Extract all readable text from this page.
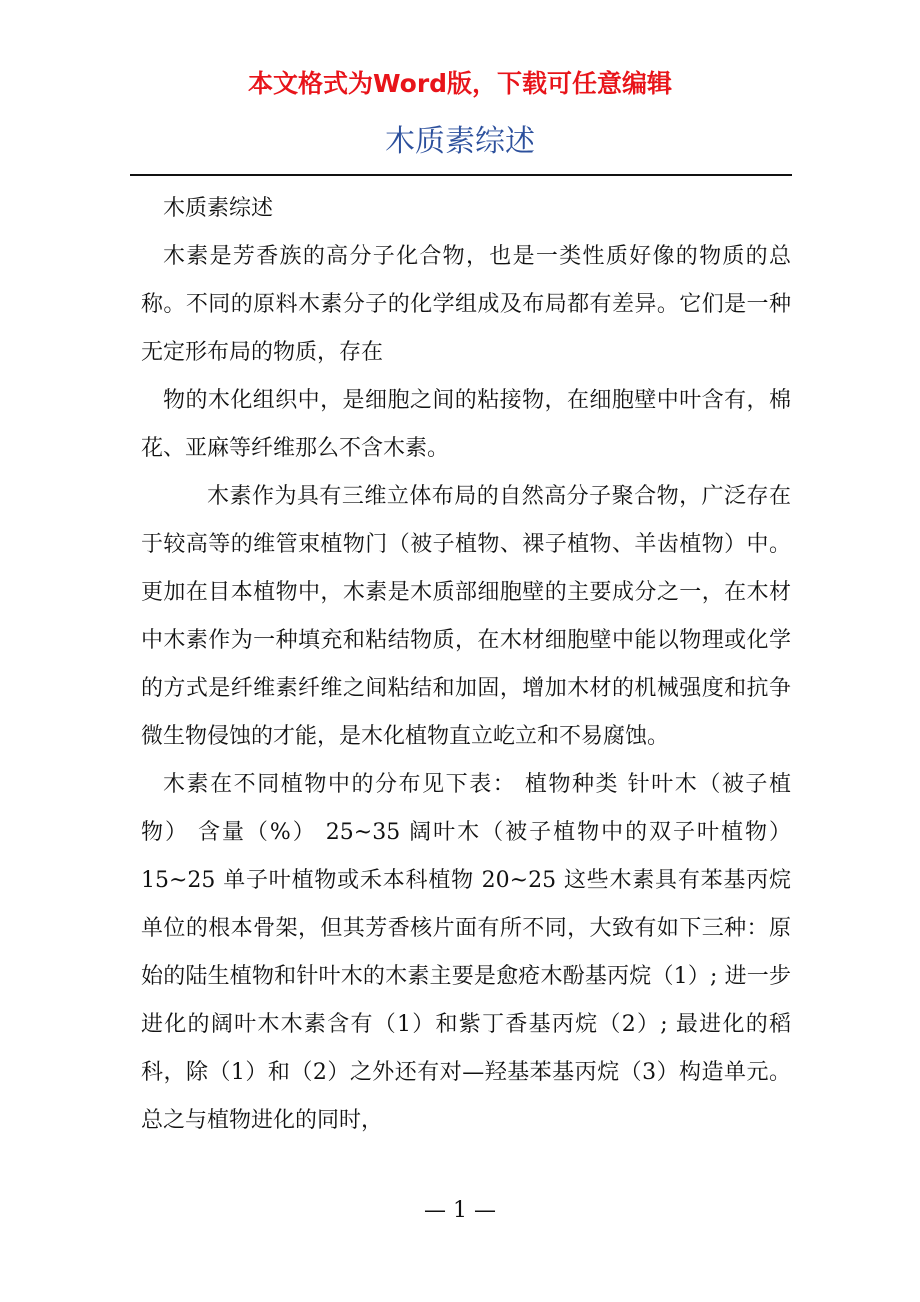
本文格式为Word版，下载可任意编辑
木质素综述

木质素综述

木素是芳香族的高分子化合物，也是一类性质好像的物质的总称。不同的原料木素分子的化学组成及布局都有差异。它们是一种无定形布局的物质，存在

物的木化组织中，是细胞之间的粘接物，在细胞壁中叶含有，棉花、亚麻等纤维那么不含木素。

木素作为具有三维立体布局的自然高分子聚合物，广泛存在于较高等的维管束植物门（被子植物、裸子植物、羊齿植物）中。更加在目本植物中，木素是木质部细胞壁的主要成分之一，在木材中木素作为一种填充和粘结物质，在木材细胞壁中能以物理或化学的方式是纤维素纤维之间粘结和加固，增加木材的机械强度和抗争微生物侵蚀的才能，是木化植物直立屹立和不易腐蚀。

木素在不同植物中的分布见下表： 植物种类 针叶木（被子植物） 含量（%） 25~35 阔叶木（被子植物中的双子叶植物） 15~25 单子叶植物或禾本科植物 20~25 这些木素具有苯基丙烷单位的根本骨架，但其芳香核片面有所不同，大致有如下三种：原始的陆生植物和针叶木的木素主要是愈疮木酚基丙烷（1）; 进一步进化的阔叶木木素含有（1）和紫丁香基丙烷（2）; 最进化的稻科，除（1）和（2）之外还有对—羟基苯基丙烷（3）构造单元。总之与植物进化的同时，

— 1 —
